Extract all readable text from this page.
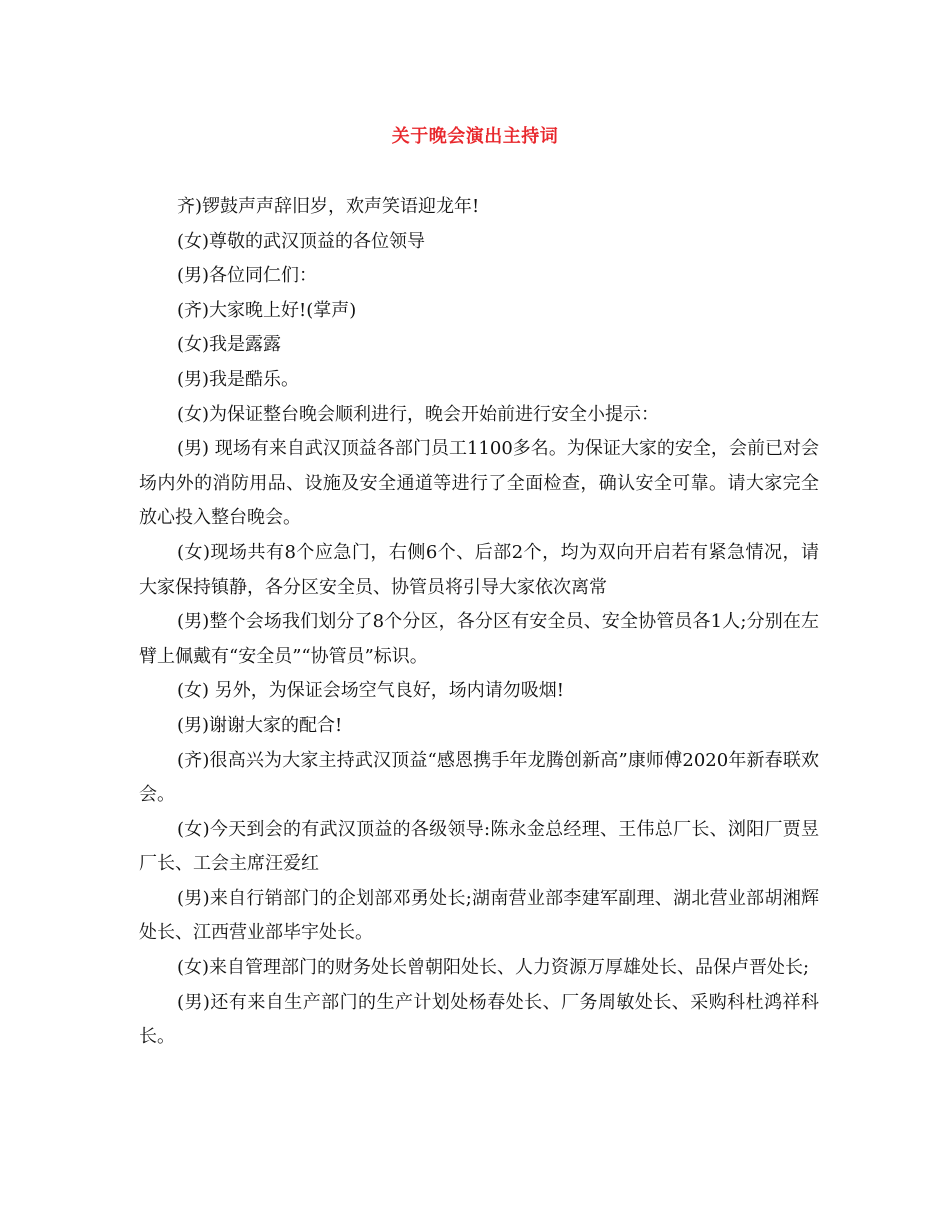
关于晚会演出主持词

齐)锣鼓声声辞旧岁，欢声笑语迎龙年!

(女)尊敬的武汉顶益的各位领导

(男)各位同仁们：

(齐)大家晚上好!(掌声)

(女)我是露露

(男)我是酷乐。

(女)为保证整台晚会顺利进行，晚会开始前进行安全小提示：

(男) 现场有来自武汉顶益各部门员工1100多名。为保证大家的安全，会前已对会场内外的消防用品、设施及安全通道等进行了全面检查，确认安全可靠。请大家完全放心投入整台晚会。

(女)现场共有8个应急门，右侧6个、后部2个，均为双向开启若有紧急情况，请大家保持镇静，各分区安全员、协管员将引导大家依次离常

(男)整个会场我们划分了8个分区，各分区有安全员、安全协管员各1人;分别在左臂上佩戴有“安全员”“协管员”标识。

(女) 另外，为保证会场空气良好，场内请勿吸烟!

(男)谢谢大家的配合!

(齐)很高兴为大家主持武汉顶益“感恩携手年龙腾创新高”康师傅2020年新春联欢会。

(女)今天到会的有武汉顶益的各级领导:陈永金总经理、王伟总厂长、浏阳厂贾昱厂长、工会主席汪爱红

(男)来自行销部门的企划部邓勇处长;湖南营业部李建军副理、湖北营业部胡湘辉处长、江西营业部毕宇处长。

(女)来自管理部门的财务处长曾朝阳处长、人力资源万厚雄处长、品保卢晋处长;

(男)还有来自生产部门的生产计划处杨春处长、厂务周敏处长、采购科杜鸿祥科长。
